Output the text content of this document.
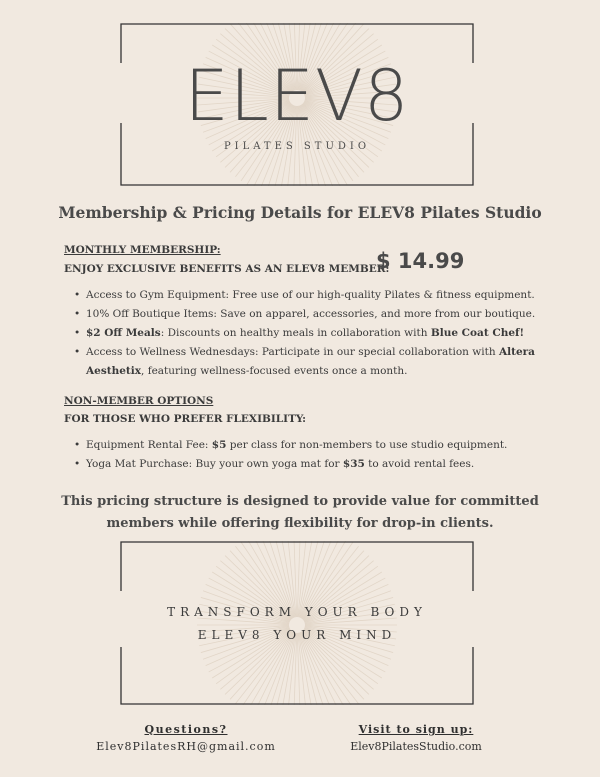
ELEV8
PILATES STUDIO
Membership & Pricing Details for ELEV8 Pilates Studio
MONTHLY MEMBERSHIP:
ENJOY EXCLUSIVE BENEFITS AS AN ELEV8 MEMBER:
$ 14.99
• Access to Gym Equipment: Free use of our high-quality Pilates & fitness equipment.
• 10% Off Boutique Items: Save on apparel, accessories, and more from our boutique.
• $2 Off Meals: Discounts on healthy meals in collaboration with Blue Coat Chef!
• Access to Wellness Wednesdays: Participate in our special collaboration with Altera
Aesthetix, featuring wellness-focused events once a month.
NON-MEMBER OPTIONS
FOR THOSE WHO PREFER FLEXIBILITY:
• Equipment Rental Fee: $5 per class for non-members to use studio equipment.
• Yoga Mat Purchase: Buy your own yoga mat for $35 to avoid rental fees.
This pricing structure is designed to provide value for committed
members while offering flexibility for drop-in clients.
TRANSFORM YOUR BODY
ELEV8 YOUR MIND
Questions?
Elev8PilatesRH@gmail.com
Visit to sign up:
Elev8PilatesStudio.com
